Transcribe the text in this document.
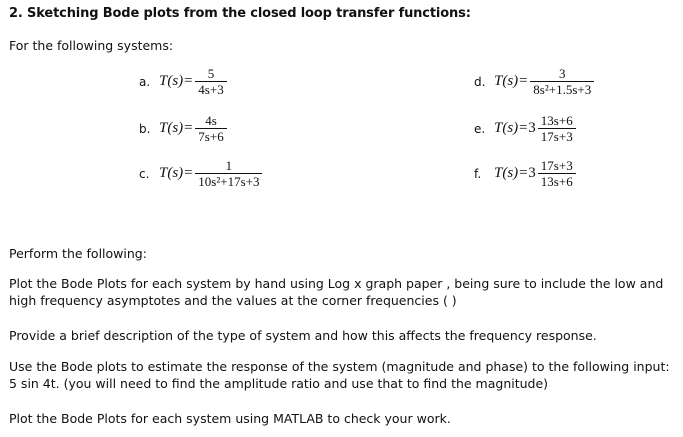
2. Sketching Bode plots from the closed loop transfer functions:
For the following systems:
a. $T(s)= \frac{5}{4s+3}$
b. $T(s)= \frac{4s}{7s+6}$
c. $T(s)= \frac{1}{\text{10s²+17s+3}}$
d. $T(s)= \frac{3}{\text{8s²+1.5s+3}}$
e. $T(s)= 3 \frac{13s+6}{17s+3}$
f. $T(s)= 3 \frac{17s+3}{13s+6}$
Perform the following:
Plot the Bode Plots for each system by hand using Log x graph paper , being sure to include the low and high frequency asymptotes and the values at the corner frequencies ( )
Provide a brief description of the type of system and how this affects the frequency response.
Use the Bode plots to estimate the response of the system (magnitude and phase) to the following input: 5 sin 4t. (you will need to find the amplitude ratio and use that to find the magnitude)
Plot the Bode Plots for each system using MATLAB to check your work.
